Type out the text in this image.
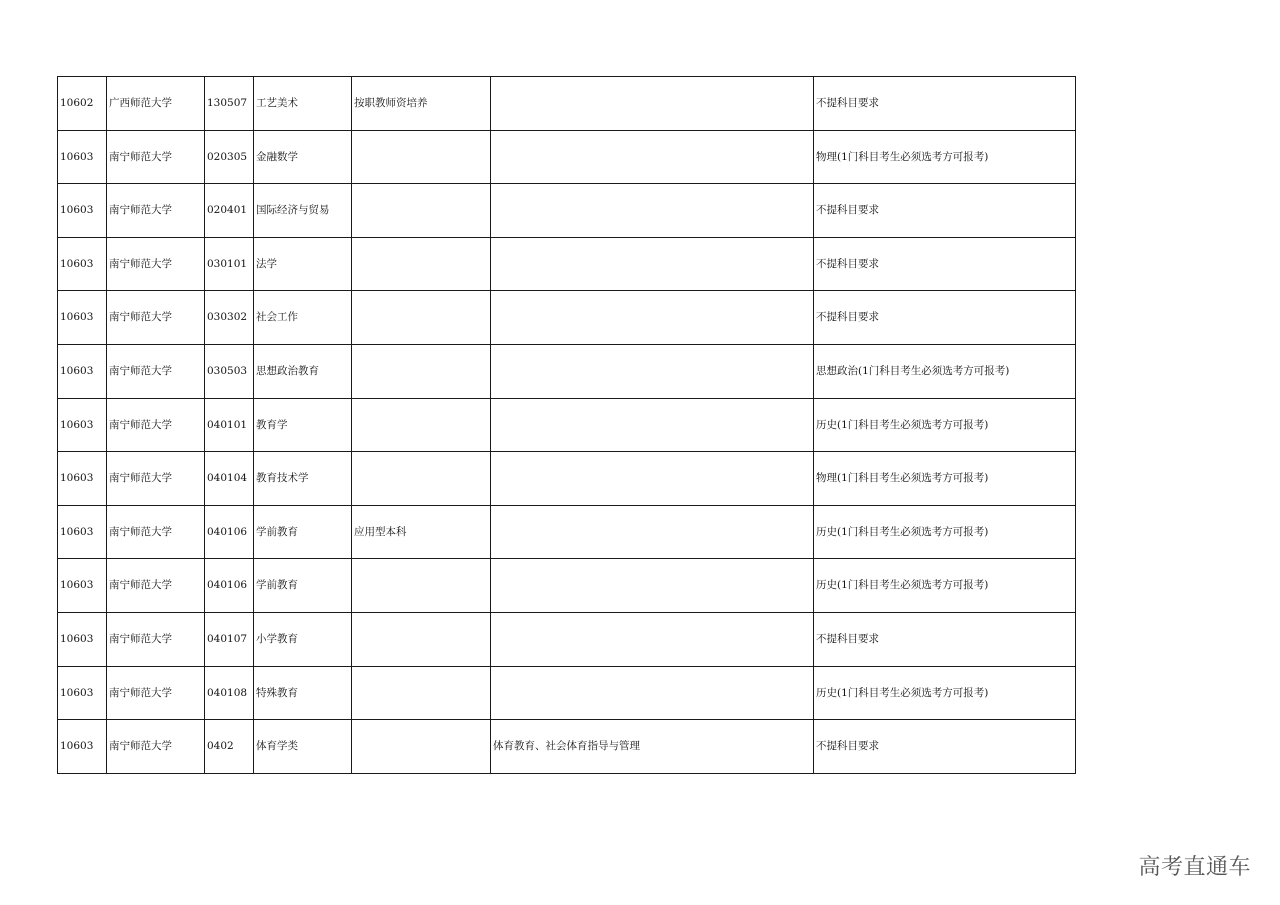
10602	广西师范大学	130507	工艺美术	按职教师资培养		不提科目要求
10603	南宁师范大学	020305	金融数学			物理(1门科目考生必须选考方可报考)
10603	南宁师范大学	020401	国际经济与贸易			不提科目要求
10603	南宁师范大学	030101	法学			不提科目要求
10603	南宁师范大学	030302	社会工作			不提科目要求
10603	南宁师范大学	030503	思想政治教育			思想政治(1门科目考生必须选考方可报考)
10603	南宁师范大学	040101	教育学			历史(1门科目考生必须选考方可报考)
10603	南宁师范大学	040104	教育技术学			物理(1门科目考生必须选考方可报考)
10603	南宁师范大学	040106	学前教育	应用型本科		历史(1门科目考生必须选考方可报考)
10603	南宁师范大学	040106	学前教育			历史(1门科目考生必须选考方可报考)
10603	南宁师范大学	040107	小学教育			不提科目要求
10603	南宁师范大学	040108	特殊教育			历史(1门科目考生必须选考方可报考)
10603	南宁师范大学	0402	体育学类		体育教育、社会体育指导与管理	不提科目要求
高考直通车
